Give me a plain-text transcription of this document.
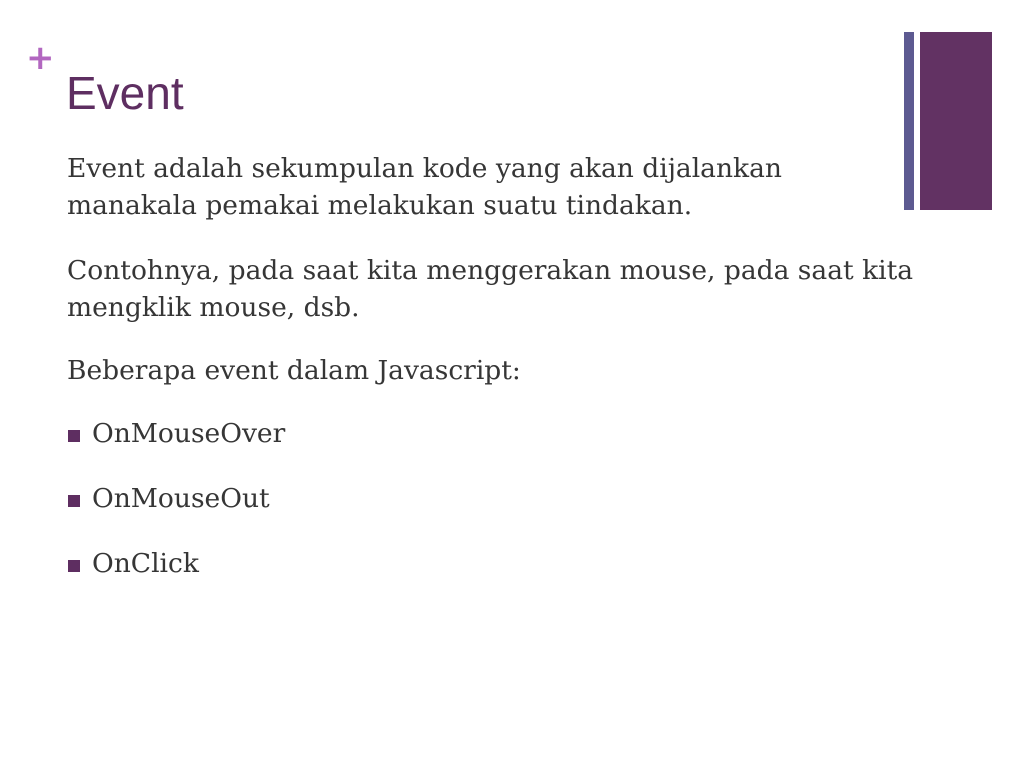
+
Event

Event adalah sekumpulan kode yang akan dijalankan manakala pemakai melakukan suatu tindakan.

Contohnya, pada saat kita menggerakan mouse, pada saat kita mengklik mouse, dsb.

Beberapa event dalam Javascript:

OnMouseOver
OnMouseOut
OnClick
